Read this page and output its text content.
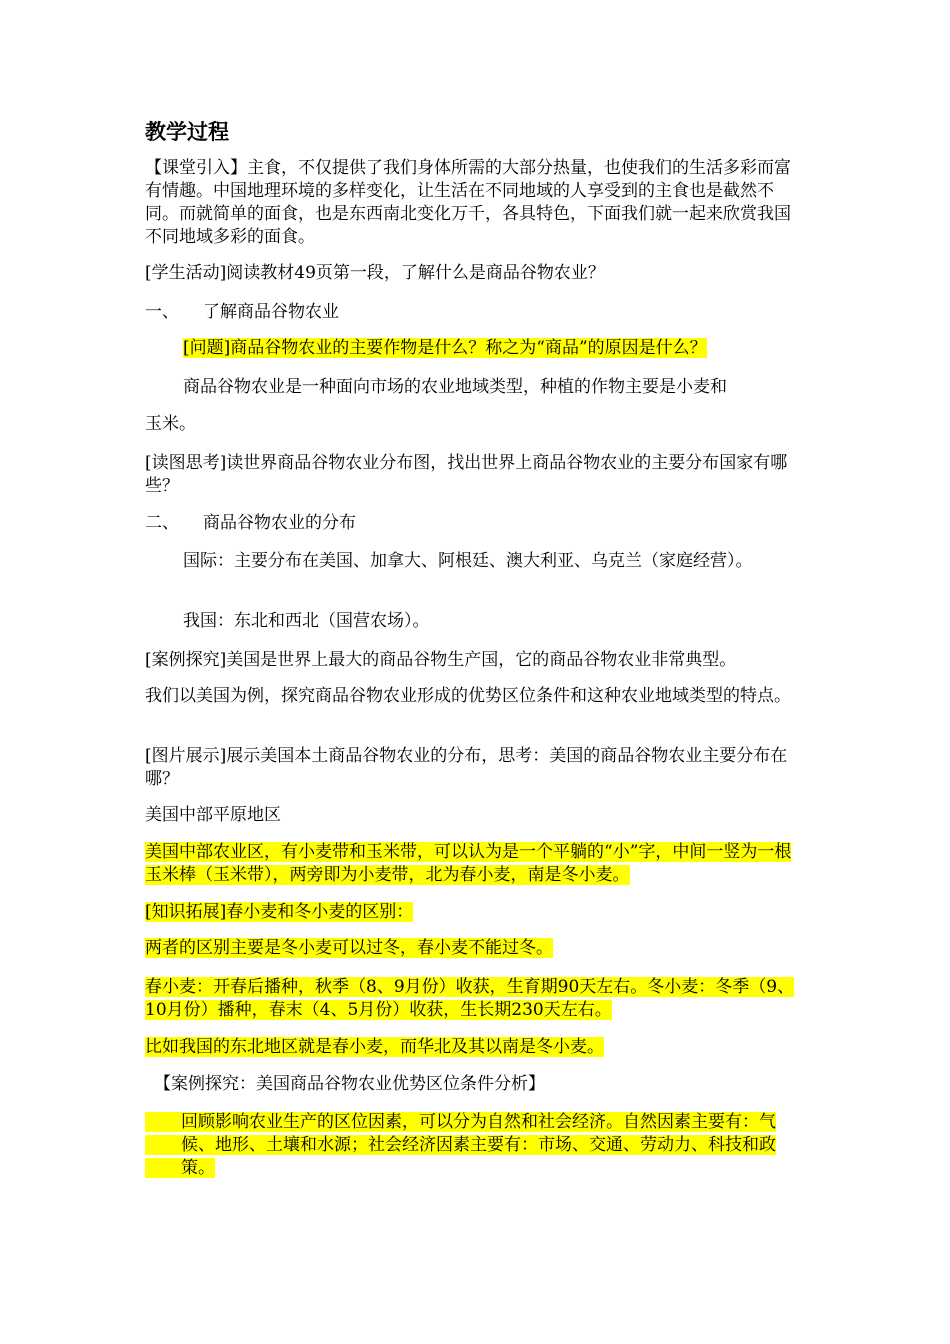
教学过程

【课堂引入】主食，不仅提供了我们身体所需的大部分热量，也使我们的生活多彩而富有情趣。中国地理环境的多样变化，让生活在不同地域的人享受到的主食也是截然不同。而就简单的面食，也是东西南北变化万千，各具特色，下面我们就一起来欣赏我国不同地域多彩的面食。

[学生活动]阅读教材49页第一段，了解什么是商品谷物农业？

一、 了解商品谷物农业

[问题]商品谷物农业的主要作物是什么？称之为“商品”的原因是什么？

商品谷物农业是一种面向市场的农业地域类型，种植的作物主要是小麦和

玉米。

[读图思考]读世界商品谷物农业分布图，找出世界上商品谷物农业的主要分布国家有哪些？

二、 商品谷物农业的分布

国际：主要分布在美国、加拿大、阿根廷、澳大利亚、乌克兰（家庭经营）。

我国：东北和西北（国营农场）。

[案例探究]美国是世界上最大的商品谷物生产国，它的商品谷物农业非常典型。

我们以美国为例，探究商品谷物农业形成的优势区位条件和这种农业地域类型的特点。

[图片展示]展示美国本土商品谷物农业的分布，思考：美国的商品谷物农业主要分布在哪？

美国中部平原地区

美国中部农业区，有小麦带和玉米带，可以认为是一个平躺的“小”字，中间一竖为一根玉米棒（玉米带），两旁即为小麦带，北为春小麦，南是冬小麦。

[知识拓展]春小麦和冬小麦的区别：

两者的区别主要是冬小麦可以过冬，春小麦不能过冬。

春小麦：开春后播种，秋季（8、9月份）收获，生育期90天左右。冬小麦：冬季（9、10月份）播种，春末（4、5月份）收获，生长期230天左右。

比如我国的东北地区就是春小麦，而华北及其以南是冬小麦。

【案例探究：美国商品谷物农业优势区位条件分析】

回顾影响农业生产的区位因素，可以分为自然和社会经济。自然因素主要有：气候、地形、土壤和水源；社会经济因素主要有：市场、交通、劳动力、科技和政策。
